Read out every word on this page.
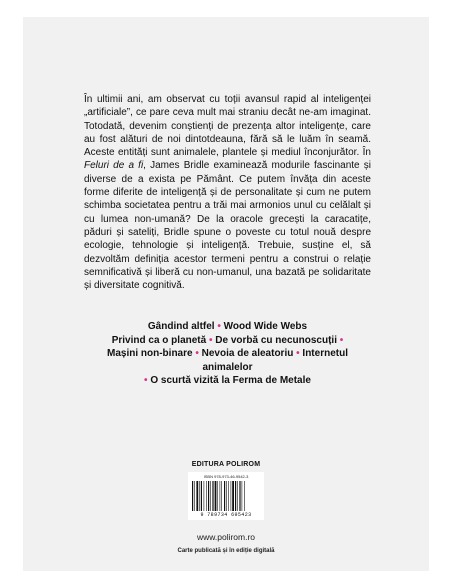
În ultimii ani, am observat cu toții avansul rapid al inteligenței „artificiale”, ce pare ceva mult mai straniu decât ne-am imaginat. Totodată, devenim conștienți de prezența altor inteligențe, care au fost alături de noi dintotdeauna, fără să le luăm în seamă. Aceste entități sunt animalele, plantele și mediul înconjurător. În Feluri de a fi, James Bridle examinează modurile fascinante și diverse de a exista pe Pământ. Ce putem învăța din aceste forme diferite de inteligență și de personalitate și cum ne putem schimba societatea pentru a trăi mai armonios unul cu celălalt și cu lumea non-umană? De la oracole grecești la caracatițe, păduri și sateliți, Bridle spune o poveste cu totul nouă despre ecologie, tehnologie și inteligență. Trebuie, susține el, să dezvoltăm definiția acestor termeni pentru a construi o relație semnificativă și liberă cu non-umanul, una bazată pe solidaritate și diversitate cognitivă.

Gândind altfel • Wood Wide Webs
Privind ca o planetă • De vorbă cu necunoscuții •
Mașini non-binare • Nevoia de aleatoriu • Internetul animalelor
• O scurtă vizită la Ferma de Metale
EDITURA POLIROM
ISBN 978-973-46-9542-3
9 789734 695423
www.polirom.ro
Carte publicată și în ediție digitală
